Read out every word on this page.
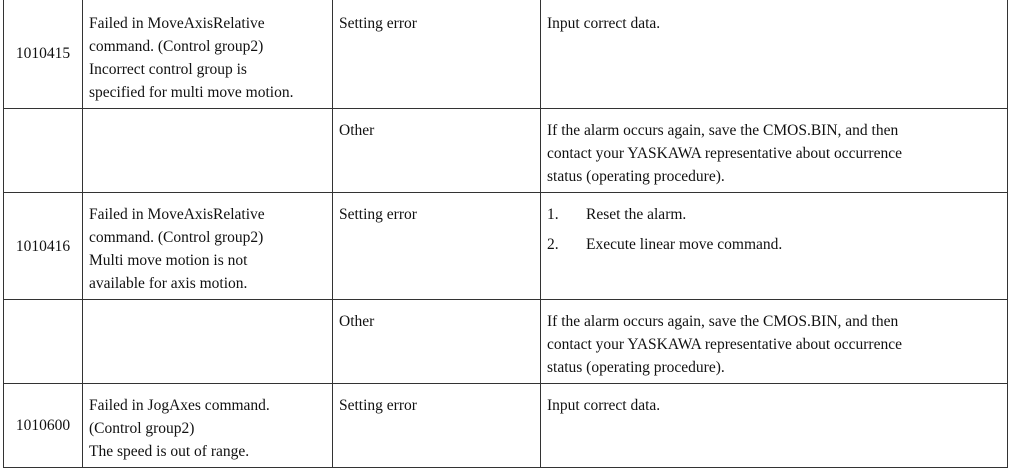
1010415	Failed in MoveAxisRelative
command. (Control group2)
Incorrect control group is
specified for multi move motion.	Setting error	Input correct data.

		Other	If the alarm occurs again, save the CMOS.BIN, and then
contact your YASKAWA representative about occurrence
status (operating procedure).

1010416	Failed in MoveAxisRelative
command. (Control group2)
Multi move motion is not
available for axis motion.	Setting error	1. Reset the alarm.
2. Execute linear move command.

		Other	If the alarm occurs again, save the CMOS.BIN, and then
contact your YASKAWA representative about occurrence
status (operating procedure).

1010600	Failed in JogAxes command.
(Control group2)
The speed is out of range.	Setting error	Input correct data.
